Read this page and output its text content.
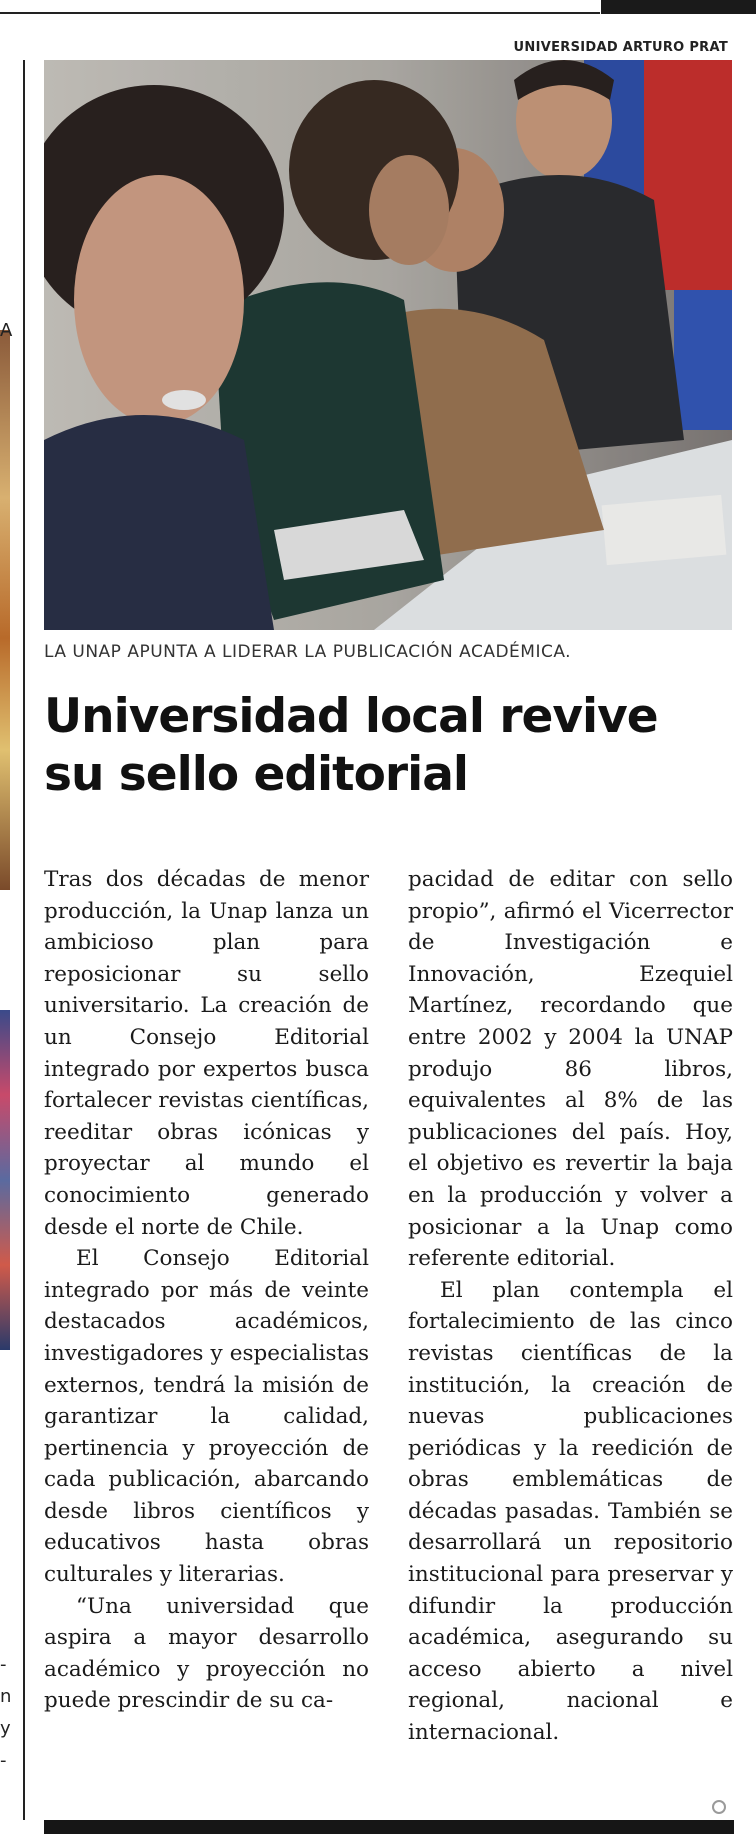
A
-
n
y
-
UNIVERSIDAD ARTURO PRAT
LA UNAP APUNTA A LIDERAR LA PUBLICACIÓN ACADÉMICA.
Universidad local revive
su sello editorial

Tras dos décadas de menor producción, la Unap lanza un ambicioso plan para reposicionar su sello universitario. La creación de un Consejo Editorial integrado por expertos busca fortalecer revistas científicas, reeditar obras icónicas y proyectar al mundo el conocimiento generado desde el norte de Chile.

El Consejo Editorial integrado por más de veinte destacados académicos, investigadores y especialistas externos, tendrá la misión de garantizar la calidad, pertinencia y proyección de cada publicación, abarcando desde libros científicos y educativos hasta obras culturales y literarias.

“Una universidad que aspira a mayor desarrollo académico y proyección no puede prescindir de su ca-

pacidad de editar con sello propio”, afirmó el Vicerrector de Investigación e Innovación, Ezequiel Martínez, recordando que entre 2002 y 2004 la UNAP produjo 86 libros, equivalentes al 8% de las publicaciones del país. Hoy, el objetivo es revertir la baja en la producción y volver a posicionar a la Unap como referente editorial.

El plan contempla el fortalecimiento de las cinco revistas científicas de la institución, la creación de nuevas publicaciones periódicas y la reedición de obras emblemáticas de décadas pasadas. También se desarrollará un repositorio institucional para preservar y difundir la producción académica, asegurando su acceso abierto a nivel regional, nacional e internacional.
